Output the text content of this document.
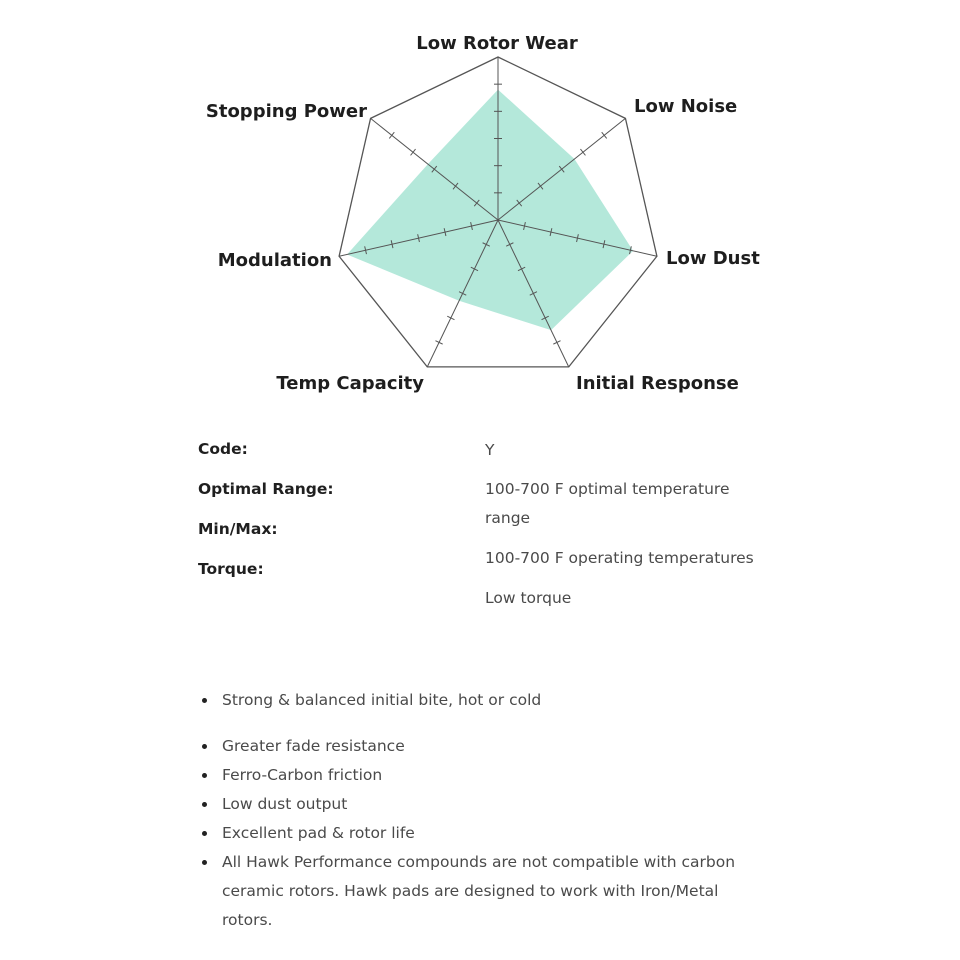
Low Rotor Wear
Low Noise
Low Dust
Initial Response
Temp Capacity
Modulation
Stopping Power
Code:
Optimal Range:
Min/Max:
Torque:
Y
100-700 F optimal temperature range
100-700 F operating temperatures
Low torque
Strong & balanced initial bite, hot or cold
Greater fade resistance
Ferro-Carbon friction
Low dust output
Excellent pad & rotor life
All Hawk Performance compounds are not compatible with carbon ceramic rotors. Hawk pads are designed to work with Iron/Metal rotors.
